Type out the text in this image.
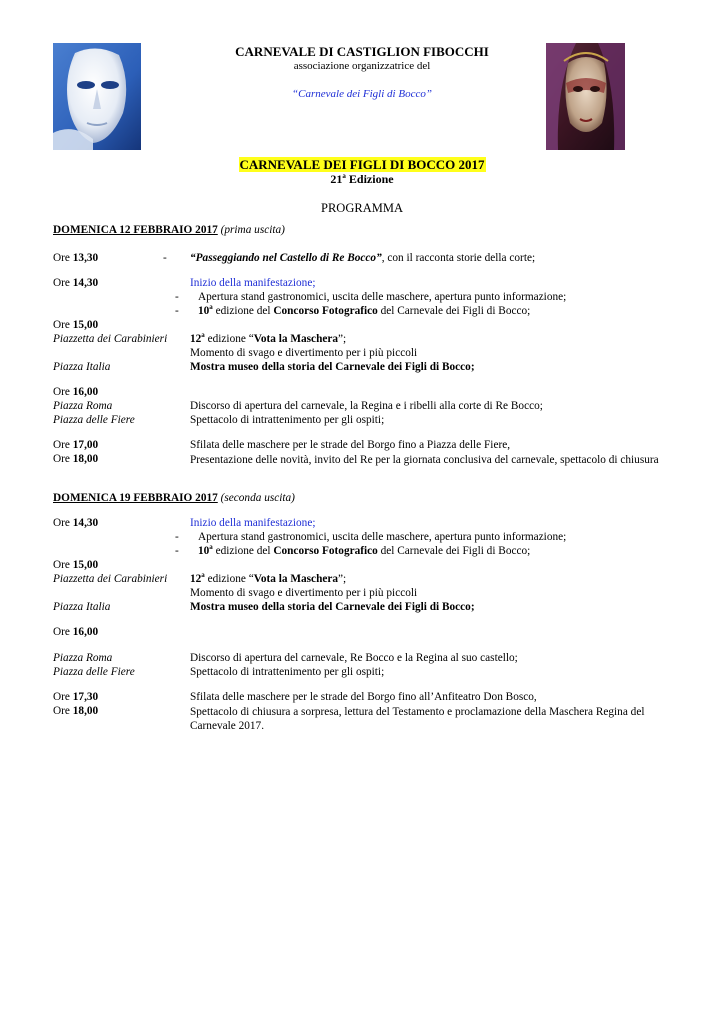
CARNEVALE DI CASTIGLION FIBOCCHI
associazione organizzatrice del
“Carnevale dei Figli di Bocco”
CARNEVALE DEI FIGLI DI BOCCO 2017
21$^a$ Edizione
PROGRAMMA
DOMENICA 12 FEBBRAIO 2017 (prima uscita)
Ore 13,30	- “Passeggiando nel Castello di Re Bocco”, con il racconta storie della corte;
Ore 14,30	Inizio della manifestazione;
- Apertura stand gastronomici, uscita delle maschere, apertura punto informazione;
- 10$^a$ edizione del Concorso Fotografico del Carnevale dei Figli di Bocco;
Ore 15,00
Piazzetta dei Carabinieri 12$^a$ edizione “Vota la Maschera”;
Momento di svago e divertimento per i più piccoli
Piazza Italia	Mostra museo della storia del Carnevale dei Figli di Bocco;
Ore 16,00
Piazza Roma	Discorso di apertura del carnevale, la Regina e i ribelli alla corte di Re Bocco;
Piazza delle Fiere	Spettacolo di intrattenimento per gli ospiti;
Ore 17,00	Sfilata delle maschere per le strade del Borgo fino a Piazza delle Fiere,
Ore 18,00	Presentazione delle novità, invito del Re per la giornata conclusiva del carnevale, spettacolo di chiusura
DOMENICA 19 FEBBRAIO 2017 (seconda uscita)
Ore 14,30	Inizio della manifestazione;
- Apertura stand gastronomici, uscita delle maschere, apertura punto informazione;
- 10$^a$ edizione del Concorso Fotografico del Carnevale dei Figli di Bocco;
Ore 15,00
Piazzetta dei Carabinieri 12$^a$ edizione “Vota la Maschera”;
Momento di svago e divertimento per i più piccoli
Piazza Italia	Mostra museo della storia del Carnevale dei Figli di Bocco;
Ore 16,00
Piazza Roma	Discorso di apertura del carnevale, Re Bocco e la Regina al suo castello;
Piazza delle Fiere	Spettacolo di intrattenimento per gli ospiti;
Ore 17,30	Sfilata delle maschere per le strade del Borgo fino all’Anfiteatro Don Bosco,
Ore 18,00	Spettacolo di chiusura a sorpresa, lettura del Testamento e proclamazione della Maschera Regina del Carnevale 2017.
